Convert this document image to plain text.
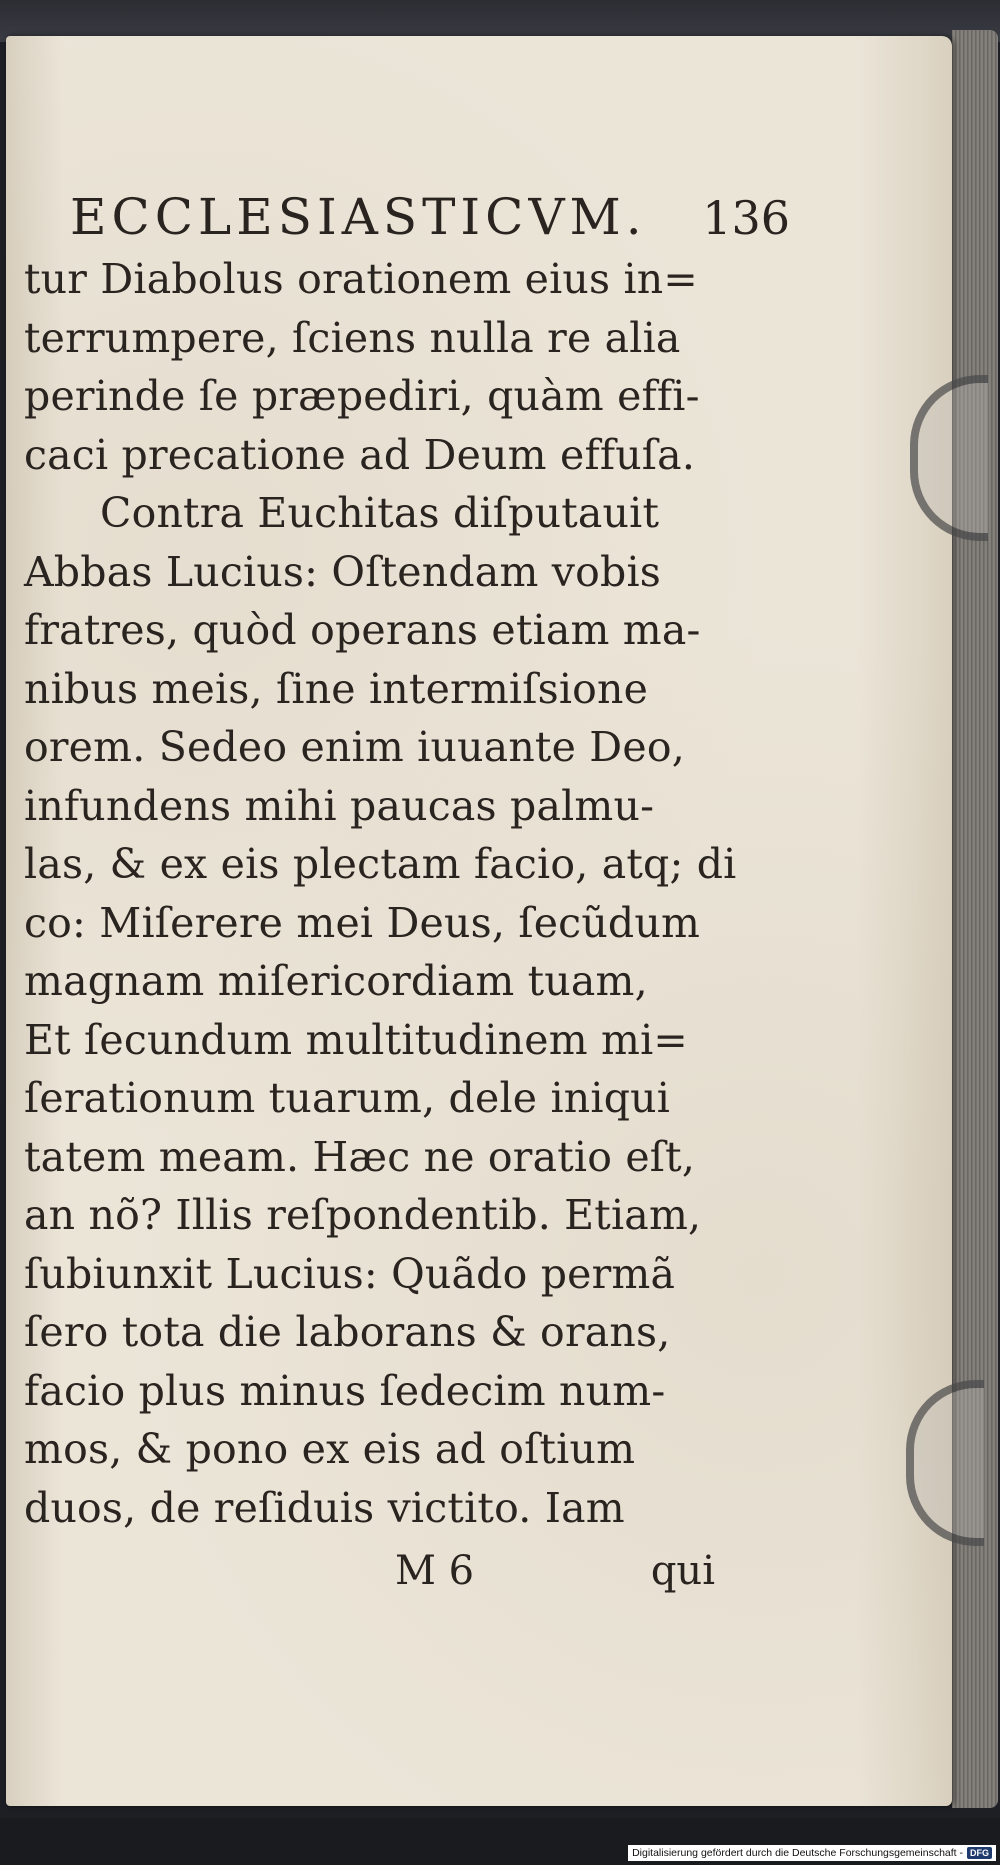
ECCLESIASTICVM. 136
tur Diabolus orationem eius in=
terrumpere, ſciens nulla re alia
perinde ſe præpediri, quàm effi-
caci precatione ad Deum effuſa.
Contra Euchitas diſputauit
Abbas Lucius: Oſtendam vobis
fratres, quòd operans etiam ma-
nibus meis, ſine intermiſsione
orem. Sedeo enim iuuante Deo,
infundens mihi paucas palmu-
las, & ex eis plectam facio, atq; di
co: Miſerere mei Deus, ſecũdum
magnam miſericordiam tuam,
Et ſecundum multitudinem mi=
ſerationum tuarum, dele iniqui
tatem meam. Hæc ne oratio eſt,
an nõ? Illis reſpondentib. Etiam,
ſubiunxit Lucius: Quãdo permã
ſero tota die laborans & orans,
facio plus minus ſedecim num-
mos, & pono ex eis ad oſtium
duos, de reſiduis victito. Iam
M 6	qui
Digitalisierung gefördert durch die Deutsche Forschungsgemeinschaft - DFG
